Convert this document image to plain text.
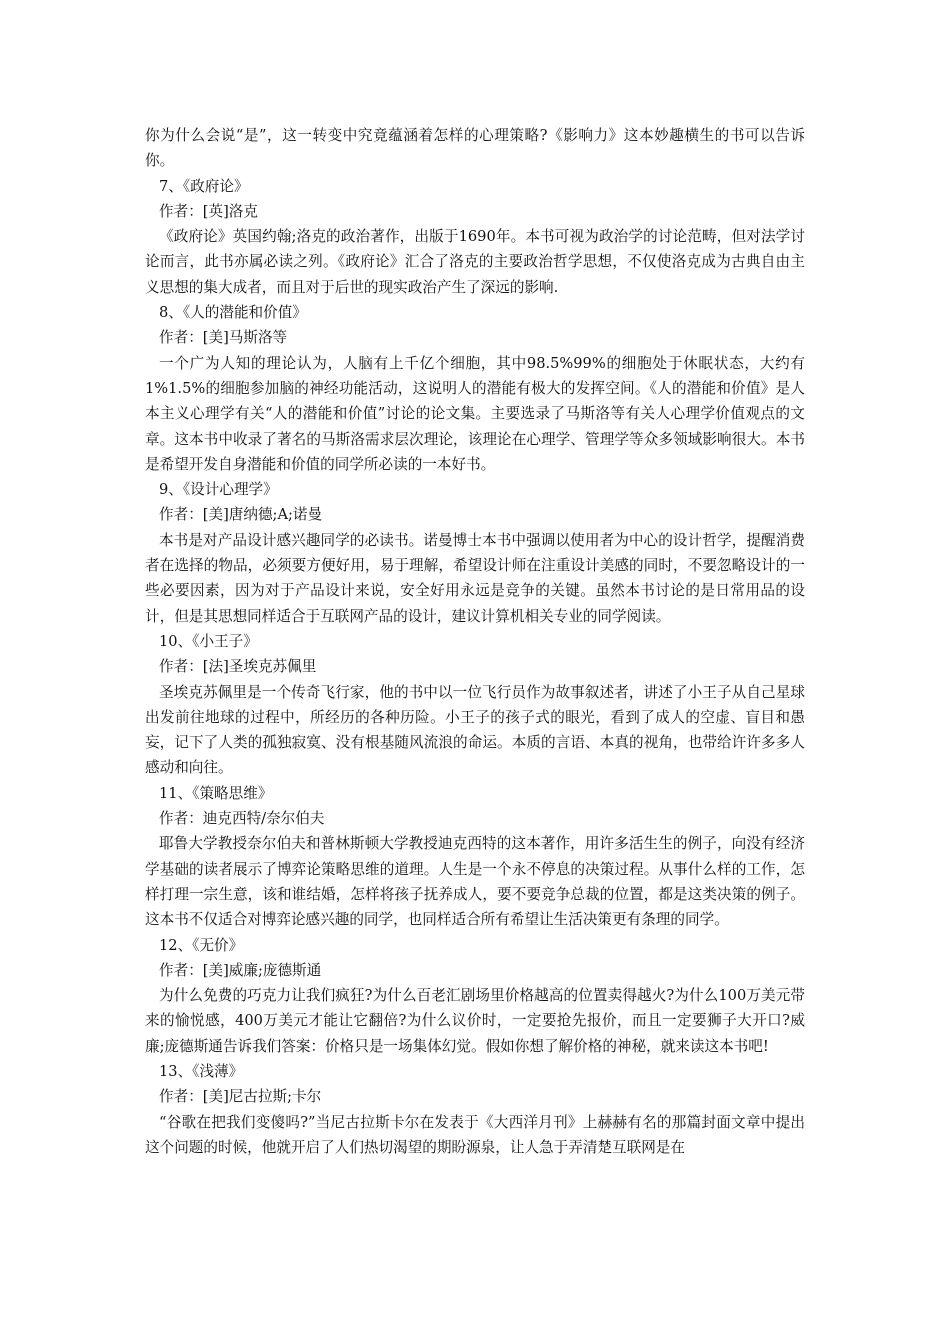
你为什么会说“是”，这一转变中究竟蕴涵着怎样的心理策略?《影响力》这本妙趣横生的书可以告诉你。

7、《政府论》

作者：[英]洛克

《政府论》英国约翰;洛克的政治著作，出版于1690年。本书可视为政治学的讨论范畴，但对法学讨论而言，此书亦属必读之列。《政府论》汇合了洛克的主要政治哲学思想，不仅使洛克成为古典自由主义思想的集大成者，而且对于后世的现实政治产生了深远的影响.

8、《人的潜能和价值》

作者：[美]马斯洛等

一个广为人知的理论认为，人脑有上千亿个细胞，其中98.5%99%的细胞处于休眠状态，大约有1%1.5%的细胞参加脑的神经功能活动，这说明人的潜能有极大的发挥空间。《人的潜能和价值》是人本主义心理学有关“人的潜能和价值”讨论的论文集。主要选录了马斯洛等有关人心理学价值观点的文章。这本书中收录了著名的马斯洛需求层次理论，该理论在心理学、管理学等众多领域影响很大。本书是希望开发自身潜能和价值的同学所必读的一本好书。

9、《设计心理学》

作者：[美]唐纳德;A;诺曼

本书是对产品设计感兴趣同学的必读书。诺曼博士本书中强调以使用者为中心的设计哲学，提醒消费者在选择的物品，必须要方便好用，易于理解，希望设计师在注重设计美感的同时，不要忽略设计的一些必要因素，因为对于产品设计来说，安全好用永远是竞争的关键。虽然本书讨论的是日常用品的设计，但是其思想同样适合于互联网产品的设计，建议计算机相关专业的同学阅读。

10、《小王子》

作者：[法]圣埃克苏佩里

圣埃克苏佩里是一个传奇飞行家，他的书中以一位飞行员作为故事叙述者，讲述了小王子从自己星球出发前往地球的过程中，所经历的各种历险。小王子的孩子式的眼光，看到了成人的空虚、盲目和愚妄，记下了人类的孤独寂寞、没有根基随风流浪的命运。本质的言语、本真的视角，也带给许许多多人感动和向往。

11、《策略思维》

作者：迪克西特/奈尔伯夫

耶鲁大学教授奈尔伯夫和普林斯顿大学教授迪克西特的这本著作，用许多活生生的例子，向没有经济学基础的读者展示了博弈论策略思维的道理。人生是一个永不停息的决策过程。从事什么样的工作，怎样打理一宗生意，该和谁结婚，怎样将孩子抚养成人，要不要竞争总裁的位置，都是这类决策的例子。这本书不仅适合对博弈论感兴趣的同学，也同样适合所有希望让生活决策更有条理的同学。

12、《无价》

作者：[美]威廉;庞德斯通

为什么免费的巧克力让我们疯狂?为什么百老汇剧场里价格越高的位置卖得越火?为什么100万美元带来的愉悦感，400万美元才能让它翻倍?为什么议价时，一定要抢先报价，而且一定要狮子大开口?威廉;庞德斯通告诉我们答案：价格只是一场集体幻觉。假如你想了解价格的神秘，就来读这本书吧!

13、《浅薄》

作者：[美]尼古拉斯;卡尔

“谷歌在把我们变傻吗?”当尼古拉斯卡尔在发表于《大西洋月刊》上赫赫有名的那篇封面文章中提出这个问题的时候，他就开启了人们热切渴望的期盼源泉，让人急于弄清楚互联网是在
